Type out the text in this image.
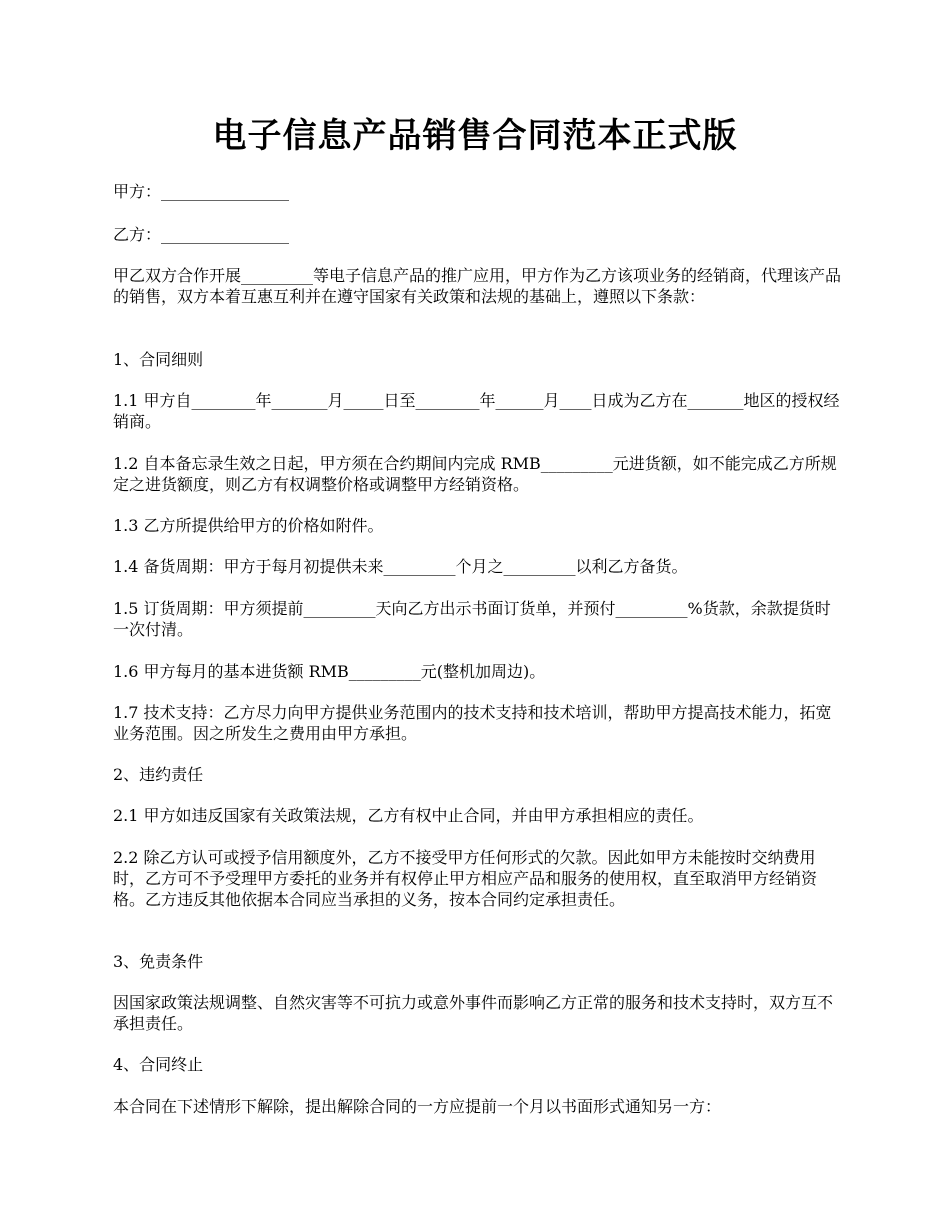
电子信息产品销售合同范本正式版

甲方：________________

乙方：________________

甲乙双方合作开展_________等电子信息产品的推广应用，甲方作为乙方该项业务的经销商，代理该产品的销售，双方本着互惠互利并在遵守国家有关政策和法规的基础上，遵照以下条款：

1、合同细则

1.1 甲方自________年_______月_____日至________年______月____日成为乙方在_______地区的授权经销商。

1.2 自本备忘录生效之日起，甲方须在合约期间内完成 RMB_________元进货额，如不能完成乙方所规定之进货额度，则乙方有权调整价格或调整甲方经销资格。

1.3 乙方所提供给甲方的价格如附件。

1.4 备货周期：甲方于每月初提供未来_________个月之_________以利乙方备货。

1.5 订货周期：甲方须提前_________天向乙方出示书面订货单，并预付_________%货款，余款提货时一次付清。

1.6 甲方每月的基本进货额 RMB_________元(整机加周边)。

1.7 技术支持：乙方尽力向甲方提供业务范围内的技术支持和技术培训，帮助甲方提高技术能力，拓宽业务范围。因之所发生之费用由甲方承担。

2、违约责任

2.1 甲方如违反国家有关政策法规，乙方有权中止合同，并由甲方承担相应的责任。

2.2 除乙方认可或授予信用额度外，乙方不接受甲方任何形式的欠款。因此如甲方未能按时交纳费用时，乙方可不予受理甲方委托的业务并有权停止甲方相应产品和服务的使用权，直至取消甲方经销资格。乙方违反其他依据本合同应当承担的义务，按本合同约定承担责任。

3、免责条件

因国家政策法规调整、自然灾害等不可抗力或意外事件而影响乙方正常的服务和技术支持时，双方互不承担责任。

4、合同终止

本合同在下述情形下解除，提出解除合同的一方应提前一个月以书面形式通知另一方：
